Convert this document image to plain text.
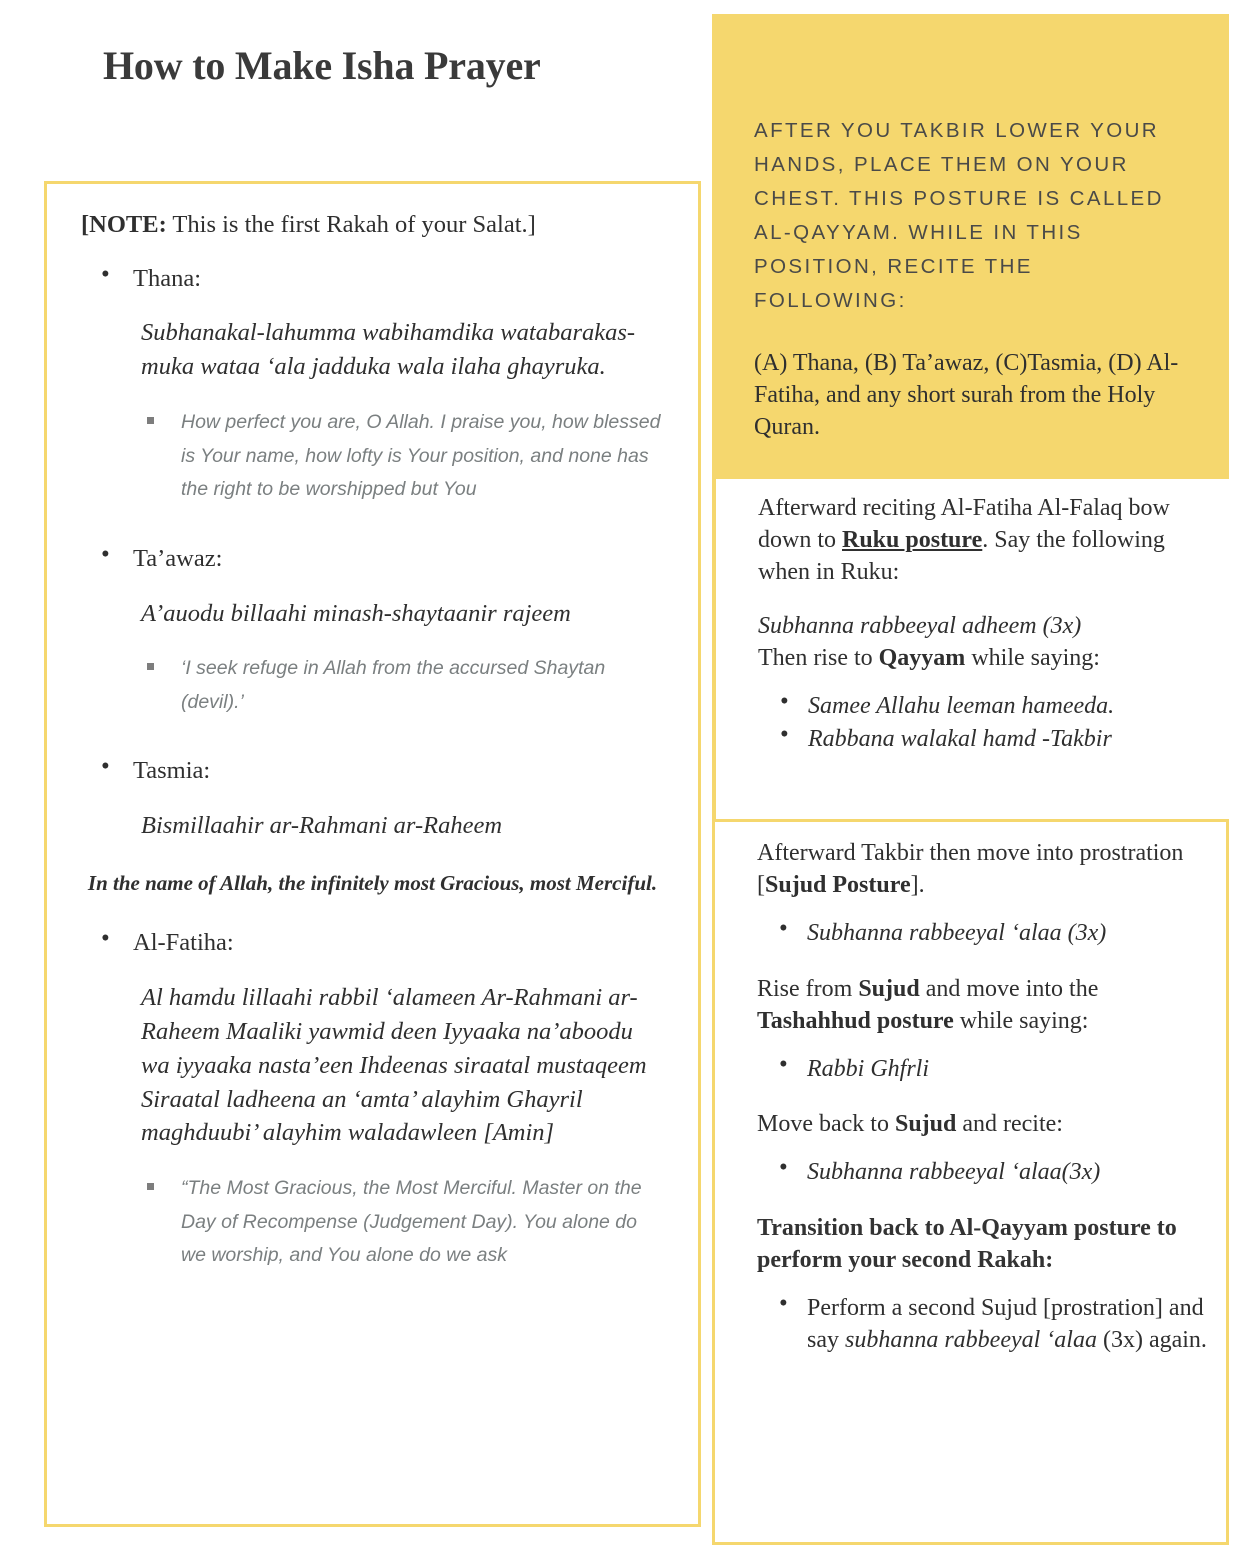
How to Make Isha Prayer

[NOTE: This is the first Rakah of your Salat.]

• Thana:

Subhanakal-lahumma wabihamdika watabarakas-muka wataa ‘ala jadduka wala ilaha ghayruka.

How perfect you are, O Allah. I praise you, how blessed is Your name, how lofty is Your position, and none has the right to be worshipped but You

• Ta’awaz:

A’auodu billaahi minash-shaytaanir rajeem

‘I seek refuge in Allah from the accursed Shaytan (devil).’

• Tasmia:

Bismillaahir ar-Rahmani ar-Raheem

In the name of Allah, the infinitely most Gracious, most Merciful.

• Al-Fatiha:

Al hamdu lillaahi rabbil ‘alameen Ar-Rahmani ar-Raheem Maaliki yawmid deen Iyyaaka na’aboodu wa iyyaaka nasta’een Ihdeenas siraatal mustaqeem Siraatal ladheena an ‘amta’ alayhim Ghayril maghduubi’ alayhim waladawleen [Amin]

“The Most Gracious, the Most Merciful. Master on the Day of Recompense (Judgement Day). You alone do we worship, and You alone do we ask

AFTER YOU TAKBIR LOWER YOUR HANDS, PLACE THEM ON YOUR CHEST. THIS POSTURE IS CALLED AL-QAYYAM. WHILE IN THIS POSITION, RECITE THE FOLLOWING:

(A) Thana, (B) Ta’awaz, (C)Tasmia, (D) Al-Fatiha, and any short surah from the Holy Quran.

Afterward reciting Al-Fatiha Al-Falaq bow down to Ruku posture. Say the following when in Ruku:

Subhanna rabbeeyal adheem (3x)

Then rise to Qayyam while saying:

• Samee Allahu leeman hameeda.

• Rabbana walakal hamd -Takbir

Afterward Takbir then move into prostration [Sujud Posture].

• Subhanna rabbeeyal ‘alaa (3x)

Rise from Sujud and move into the Tashahhud posture while saying:

• Rabbi Ghfrli

Move back to Sujud and recite:

• Subhanna rabbeeyal ‘alaa(3x)

Transition back to Al-Qayyam posture to perform your second Rakah:

• Perform a second Sujud [prostration] and say subhanna rabbeeyal ‘alaa (3x) again.
